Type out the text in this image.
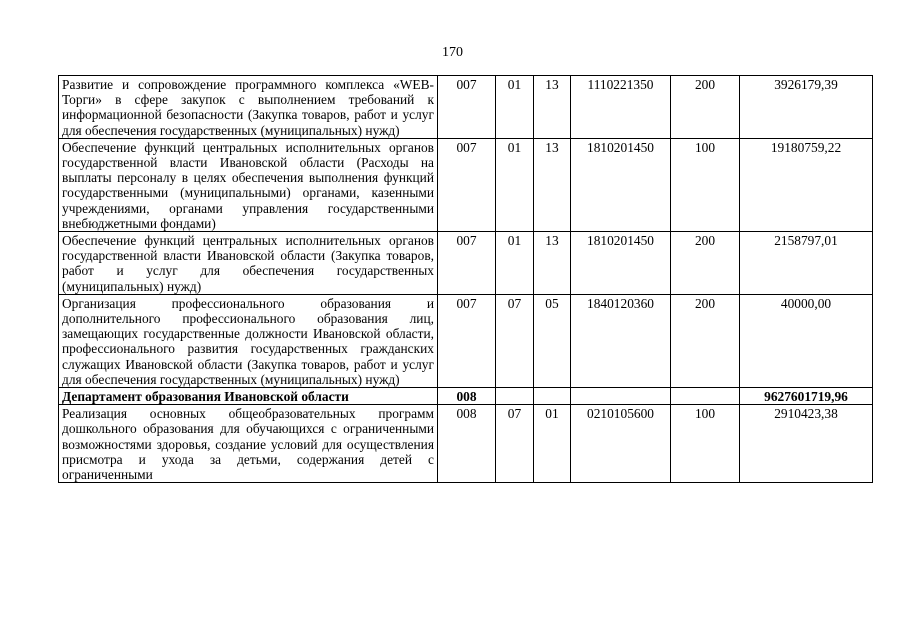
170
Развитие и сопровождение программного комплекса «WEB-Торги» в сфере закупок с выполнением требований к информационной безопасности (Закупка товаров, работ и услуг для обеспечения государственных (муниципальных) нужд)	007	01	13	1110221350	200	3926179,39
Обеспечение функций центральных исполнительных органов государственной власти Ивановской области (Расходы на выплаты персоналу в целях обеспечения выполнения функций государственными (муниципальными) органами, казенными учреждениями, органами управления государственными внебюджетными фондами)	007	01	13	1810201450	100	19180759,22
Обеспечение функций центральных исполнительных органов государственной власти Ивановской области (Закупка товаров, работ и услуг для обеспечения государственных (муниципальных) нужд)	007	01	13	1810201450	200	2158797,01
Организация профессионального образования и дополнительного профессионального образования лиц, замещающих государственные должности Ивановской области, профессионального развития государственных гражданских служащих Ивановской области (Закупка товаров, работ и услуг для обеспечения государственных (муниципальных) нужд)	007	07	05	1840120360	200	40000,00
Департамент образования Ивановской области	008					9627601719,96
Реализация основных общеобразовательных программ дошкольного образования для обучающихся с ограниченными возможностями здоровья, создание условий для осуществления присмотра и ухода за детьми, содержания детей с ограниченными	008	07	01	0210105600	100	2910423,38
